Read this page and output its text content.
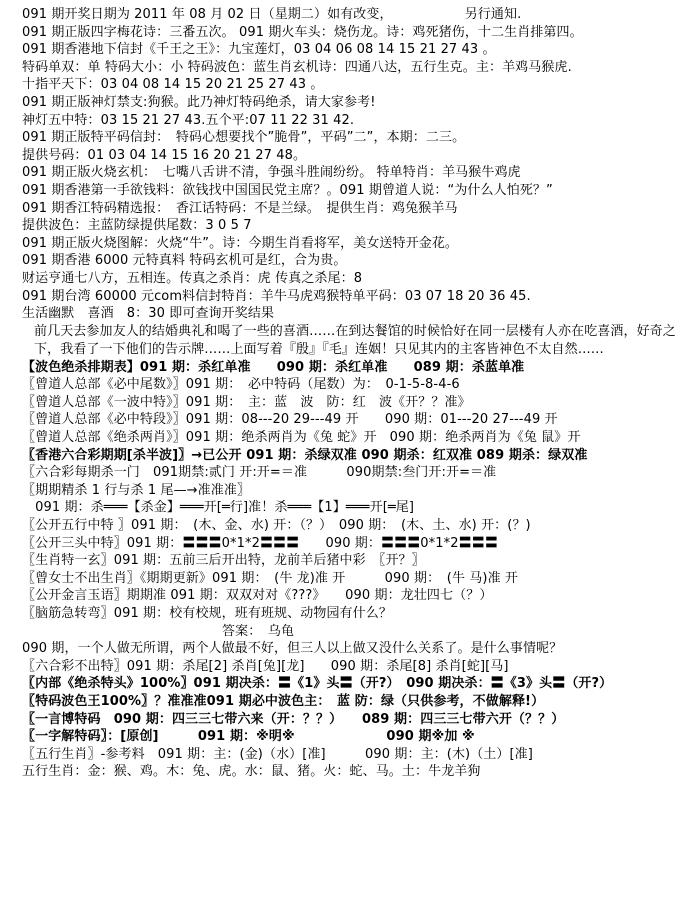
091 期开奖日期为 2011 年 08 月 02 日（星期二）如有改变，　　　　　　另行通知.
091 期正版四字梅花诗：三番五次。 091 期火车头：烧伤龙。诗：鸡死猪伤，十二生肖排第四。
091 期香港地下信封《千王之王》：九宝莲灯，03 04 06 08 14 15 21 27 43 。
特码单双：单 特码大小：小 特码波色：蓝生肖玄机诗：四通八达，五行生克。主：羊鸡马猴虎.
十指平天下：03 04 08 14 15 20 21 25 27 43 。
091 期正版神灯禁支:狗猴。此乃神灯特码绝杀，请大家参考!
神灯五中特：03 15 21 27 43.五个平:07 11 22 31 42.
091 期正版特平码信封：　特码心想要找个”脆骨”，平码”二”，本期：二三。
提供号码：01 03 04 14 15 16 20 21 27 48。
091 期正版火烧玄机：　七嘴八舌讲不清，争强斗胜闹纷纷。 特单特肖：羊马猴牛鸡虎
091 期香港第一手欲钱料：欲钱找中国国民党主席？。091 期曾道人说：“为什么人怕死？”
091 期香江特码精选报：　香江话特码：不是兰绿。　提供生肖：鸡兔猴羊马
提供波色：主蓝防绿提供尾数：3 0 5 7
091 期正版火烧图解：火烧“牛”。诗：今期生肖看将军，美女送特开金花。
091 期香港 6000 元特真料 特码玄机可是红，合为贵。
财运亨通七八方，五相连。传真之杀肖：虎 传真之杀尾：8
091 期台湾 60000 元com料信封特肖：羊牛马虎鸡猴特单平码：03 07 18 20 36 45.
生活幽默　喜酒　8：30 即可查询开奖结果
前几天去参加友人的结婚典礼和喝了一些的喜酒……在到达餐馆的时候恰好在同一层楼有人亦在吃喜酒，好奇之下，我看了一下他们的告示牌……上面写着『殷』『毛』连姻！只见其内的主客皆神色不太自然……
【波色绝杀排期表】091 期：杀红单准　　090 期：杀红单准　　089 期：杀蓝单准
〖曾道人总部《必中尾数》〗091 期：　必中特码（尾数）为：　0-1-5-8-4-6
〖曾道人总部《一波中特》〗091 期：　主：蓝　波　防：红　波《开？？准》
〖曾道人总部《必中特段》〗091 期：08---20 29---49 开　　090 期：01---20 27---49 开
〖曾道人总部《绝杀两肖》〗091 期：绝杀两肖为《兔 蛇》开　090 期：绝杀两肖为《兔 鼠》开
〖香港六合彩期期[杀半波]〗→已公开 091 期：杀绿双准 090 期杀：红双准 089 期杀：绿双准
〖六合彩每期杀一门　091期禁:贰门 开:开=＝准　　　090期禁:叁门开:开=＝准
〖期期精杀 1 行与杀 1 尾—→准准准〗
　091 期：杀═══【杀金】═══开[═行]准！杀═══【1】═══开[═尾]
〖公开五行中特 〗091 期：　(木、金、水) 开：（？）　090 期：　(木、土、水) 开：(？)
〖公开三头中特〗091 期：〓〓〓0*1*2〓〓〓　　090 期：〓〓〓0*1*2〓〓〓
〖生肖特一玄〗091 期：五前三后开出特，龙前羊后猪中彩　〖开？〗
〖曾女士不出生肖〗《期期更新》091 期：　(牛 龙)准 开　　　090 期：　(牛 马)准 开
〖公开金言玉语〗期期准 091 期：双双对对《???》　　090 期：龙壮四七（？）
〖脑筋急转弯〗091 期：校有校规，班有班规、动物园有什么？
答案：　乌龟
090 期，一个人做无所谓，两个人做最不好，但三人以上做又没什么关系了。是什么事情呢？
〖六合彩不出特〗091 期：杀尾[2] 杀肖[兔][龙]　　090 期：杀尾[8] 杀肖[蛇][马]
〖内部《绝杀特头》100%〗091 期决杀：〓《1》头〓（开?）　090 期决杀：〓《3》头〓（开?）
〖特码波色王100%〗？准准准091 期必中波色主：　蓝 防：绿（只供参考，不做解释!）
〖一言博特码　090 期：四三三七带六来（开：？？）　　089 期：四三三七带六开（？？）
〖一字解特码〗：[原创]　　　091 期：※明※　　　　　　　090 期※加 ※
〖五行生肖〗-参考料　091 期：主：(金)（水）[准]　　　090 期：主：(木)（土）[准]
五行生肖：金：猴、鸡。木：兔、虎。水：鼠、猪。火：蛇、马。土：牛龙羊狗
